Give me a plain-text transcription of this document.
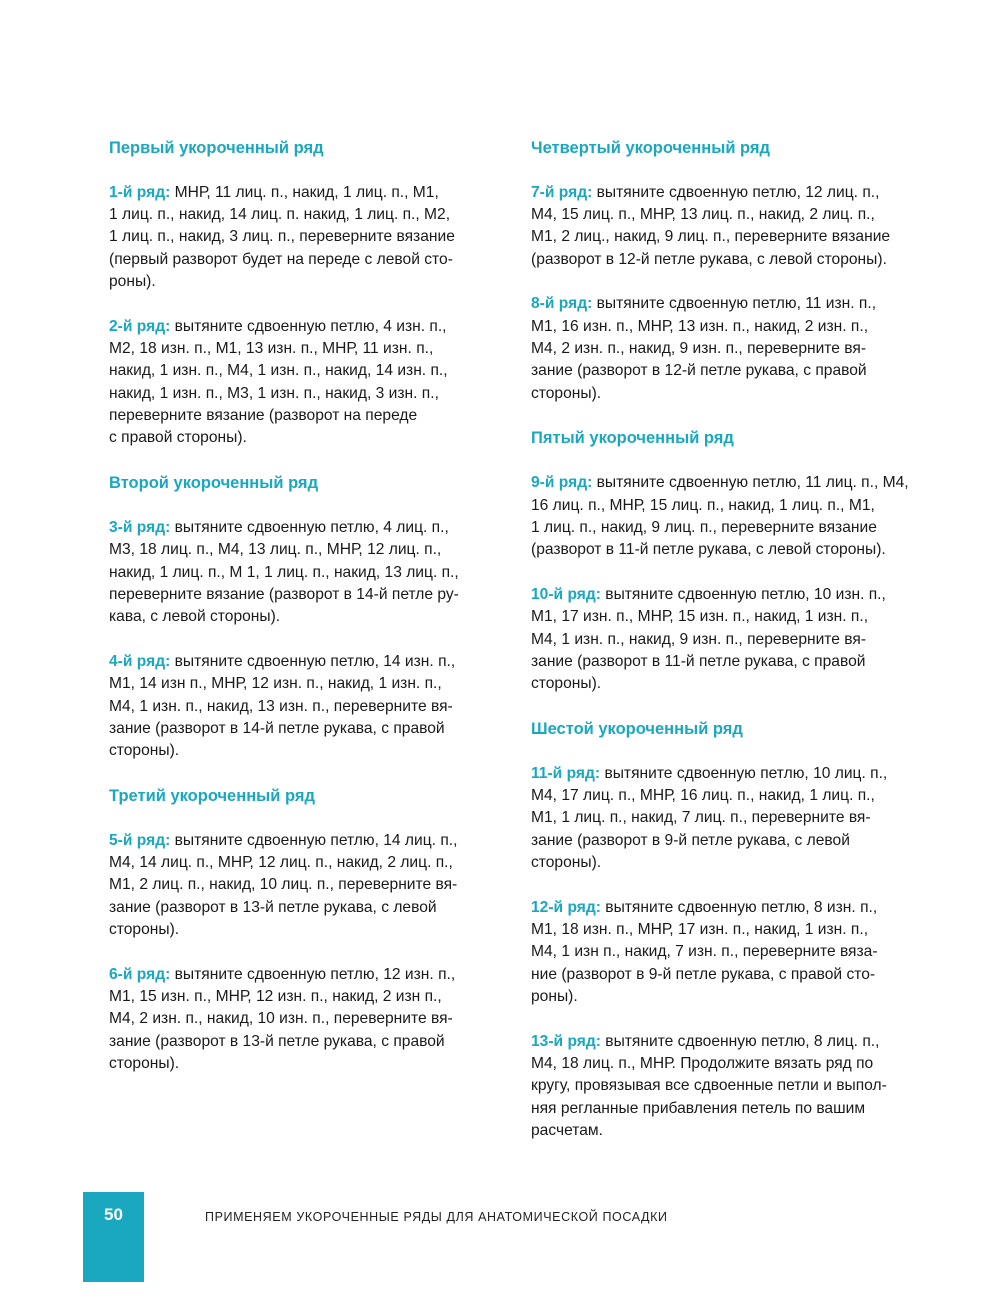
Первый укороченный ряд
1-й ряд: МНР, 11 лиц. п., накид, 1 лиц. п., М1,
1 лиц. п., накид, 14 лиц. п. накид, 1 лиц. п., М2,
1 лиц. п., накид, 3 лиц. п., переверните вязание
(первый разворот будет на переде с левой сто-
роны).
2-й ряд: вытяните сдвоенную петлю, 4 изн. п.,
М2, 18 изн. п., М1, 13 изн. п., МНР, 11 изн. п.,
накид, 1 изн. п., М4, 1 изн. п., накид, 14 изн. п.,
накид, 1 изн. п., М3, 1 изн. п., накид, 3 изн. п.,
переверните вязание (разворот на переде
с правой стороны).
Второй укороченный ряд
3-й ряд: вытяните сдвоенную петлю, 4 лиц. п.,
М3, 18 лиц. п., М4, 13 лиц. п., МНР, 12 лиц. п.,
накид, 1 лиц. п., М 1, 1 лиц. п., накид, 13 лиц. п.,
переверните вязание (разворот в 14-й петле ру-
кава, с левой стороны).
4-й ряд: вытяните сдвоенную петлю, 14 изн. п.,
М1, 14 изн п., МНР, 12 изн. п., накид, 1 изн. п.,
М4, 1 изн. п., накид, 13 изн. п., переверните вя-
зание (разворот в 14-й петле рукава, с правой
стороны).
Третий укороченный ряд
5-й ряд: вытяните сдвоенную петлю, 14 лиц. п.,
М4, 14 лиц. п., МНР, 12 лиц. п., накид, 2 лиц. п.,
М1, 2 лиц. п., накид, 10 лиц. п., переверните вя-
зание (разворот в 13-й петле рукава, с левой
стороны).
6-й ряд: вытяните сдвоенную петлю, 12 изн. п.,
М1, 15 изн. п., МНР, 12 изн. п., накид, 2 изн п.,
М4, 2 изн. п., накид, 10 изн. п., переверните вя-
зание (разворот в 13-й петле рукава, с правой
стороны).
Четвертый укороченный ряд
7-й ряд: вытяните сдвоенную петлю, 12 лиц. п.,
М4, 15 лиц. п., МНР, 13 лиц. п., накид, 2 лиц. п.,
М1, 2 лиц., накид, 9 лиц. п., переверните вязание
(разворот в 12-й петле рукава, с левой стороны).
8-й ряд: вытяните сдвоенную петлю, 11 изн. п.,
М1, 16 изн. п., МНР, 13 изн. п., накид, 2 изн. п.,
М4, 2 изн. п., накид, 9 изн. п., переверните вя-
зание (разворот в 12-й петле рукава, с правой
стороны).
Пятый укороченный ряд
9-й ряд: вытяните сдвоенную петлю, 11 лиц. п., М4,
16 лиц. п., МНР, 15 лиц. п., накид, 1 лиц. п., М1,
1 лиц. п., накид, 9 лиц. п., переверните вязание
(разворот в 11-й петле рукава, с левой стороны).
10-й ряд: вытяните сдвоенную петлю, 10 изн. п.,
М1, 17 изн. п., МНР, 15 изн. п., накид, 1 изн. п.,
М4, 1 изн. п., накид, 9 изн. п., переверните вя-
зание (разворот в 11-й петле рукава, с правой
стороны).
Шестой укороченный ряд
11-й ряд: вытяните сдвоенную петлю, 10 лиц. п.,
М4, 17 лиц. п., МНР, 16 лиц. п., накид, 1 лиц. п.,
М1, 1 лиц. п., накид, 7 лиц. п., переверните вя-
зание (разворот в 9-й петле рукава, с левой
стороны).
12-й ряд: вытяните сдвоенную петлю, 8 изн. п.,
М1, 18 изн. п., МНР, 17 изн. п., накид, 1 изн. п.,
М4, 1 изн п., накид, 7 изн. п., переверните вяза-
ние (разворот в 9-й петле рукава, с правой сто-
роны).
13-й ряд: вытяните сдвоенную петлю, 8 лиц. п.,
М4, 18 лиц. п., МНР. Продолжите вязать ряд по
кругу, провязывая все сдвоенные петли и выпол-
няя регланные прибавления петель по вашим
расчетам.
50	ПРИМЕНЯЕМ УКОРОЧЕННЫЕ РЯДЫ ДЛЯ АНАТОМИЧЕСКОЙ ПОСАДКИ
